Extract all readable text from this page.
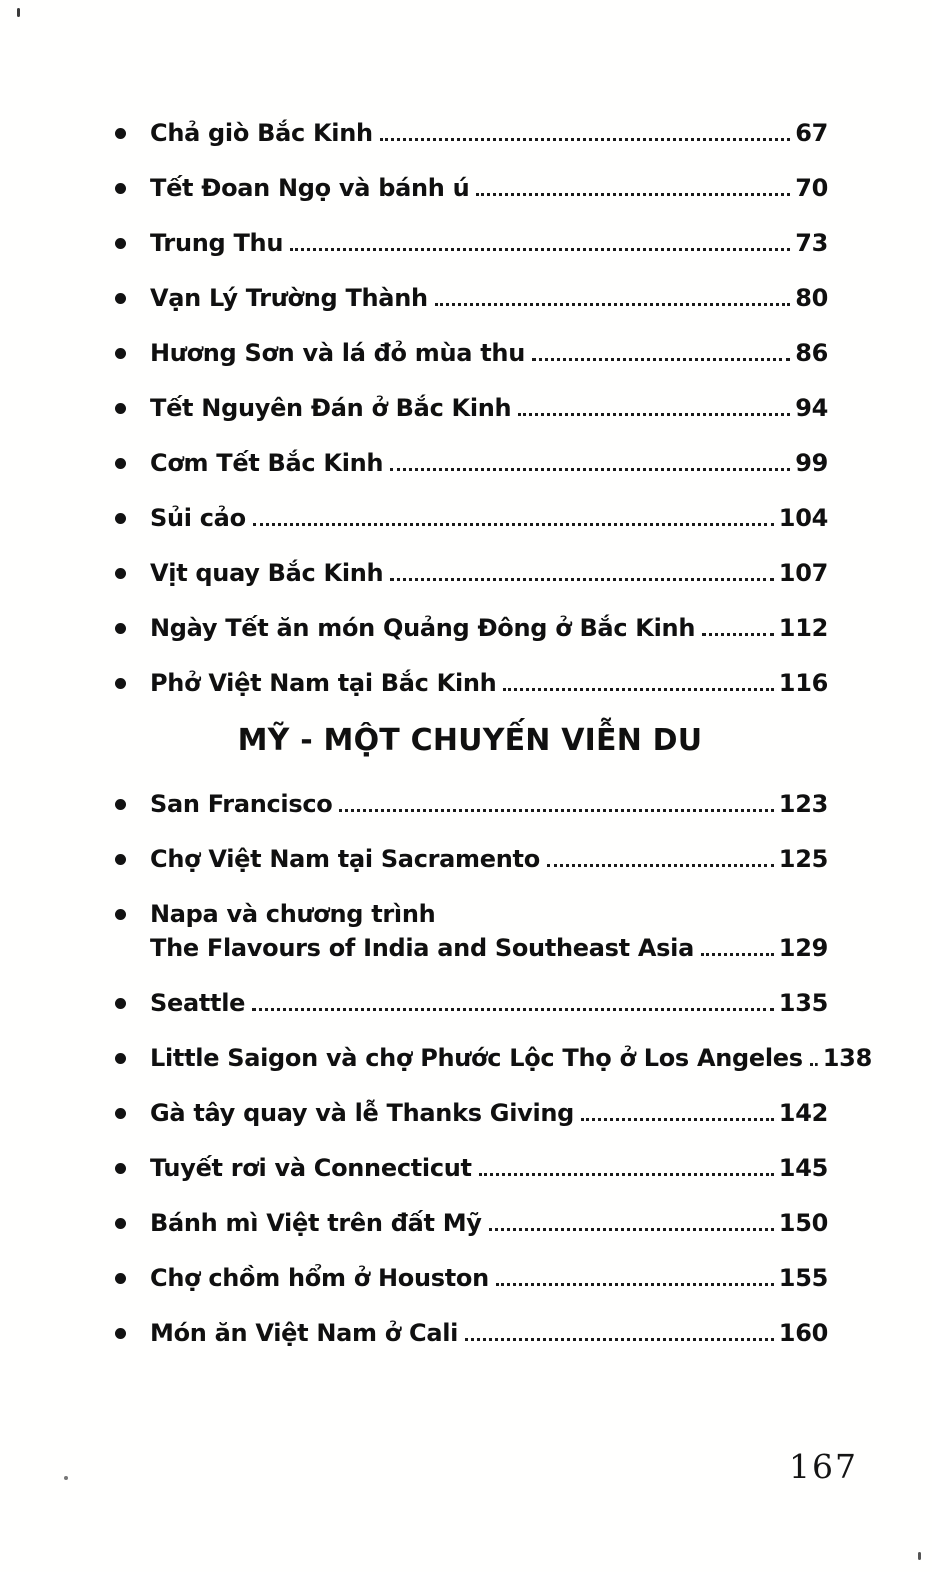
Chả giò Bắc Kinh	67
Tết Đoan Ngọ và bánh ú	70
Trung Thu	73
Vạn Lý Trường Thành	80
Hương Sơn và lá đỏ mùa thu	86
Tết Nguyên Đán ở Bắc Kinh	94
Cơm Tết Bắc Kinh	99
Sủi cảo	104
Vịt quay Bắc Kinh	107
Ngày Tết ăn món Quảng Đông ở Bắc Kinh	112
Phở Việt Nam tại Bắc Kinh	116
MỸ - MỘT CHUYẾN VIỄN DU
San Francisco	123
Chợ Việt Nam tại Sacramento	125
Napa và chương trình
The Flavours of India and Southeast Asia	129
Seattle	135
Little Saigon và chợ Phước Lộc Thọ ở Los Angeles 138
Gà tây quay và lễ Thanks Giving	142
Tuyết rơi và Connecticut	145
Bánh mì Việt trên đất Mỹ	150
Chợ chồm hổm ở Houston	155
Món ăn Việt Nam ở Cali	160
167
